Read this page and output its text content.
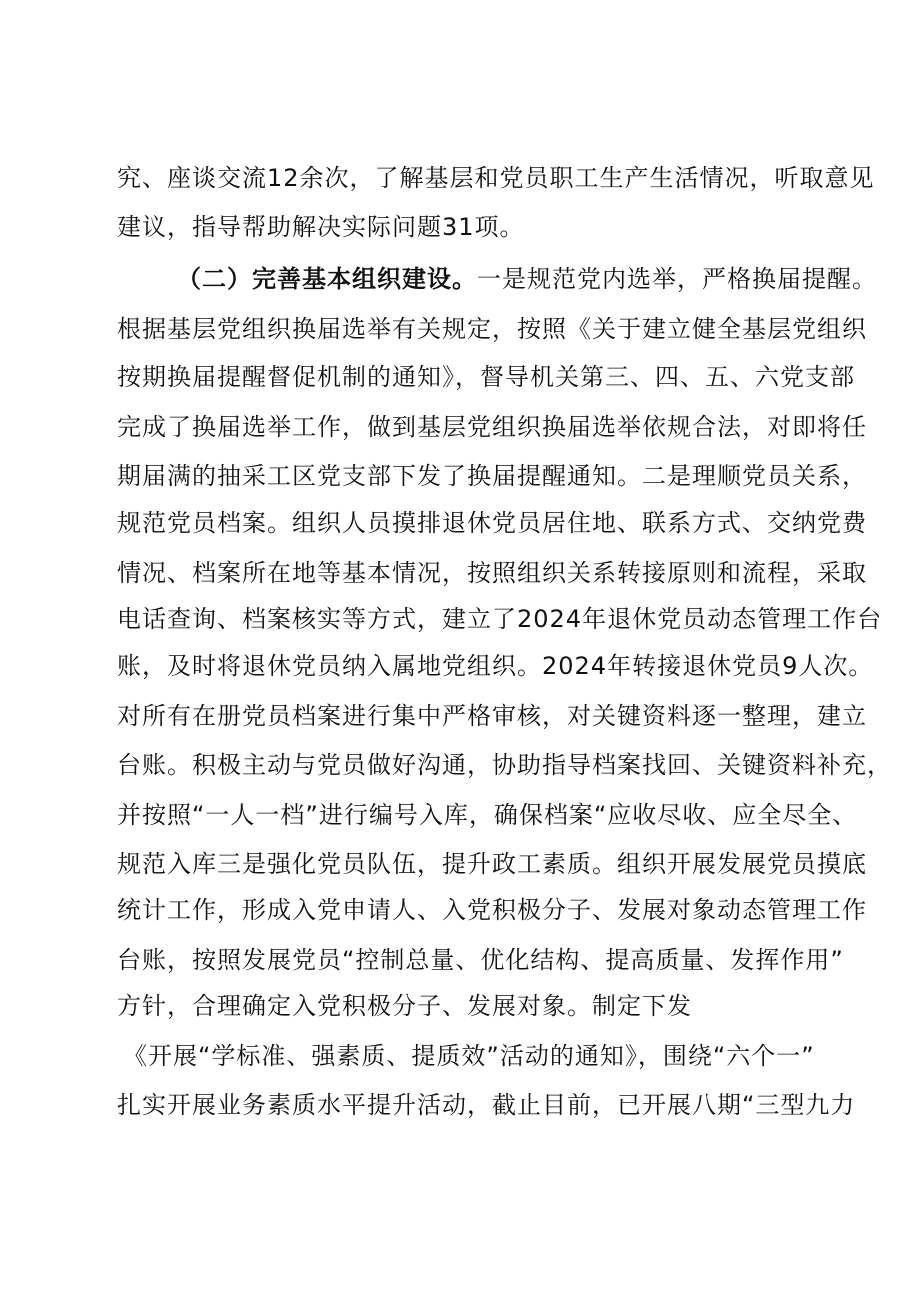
究、座谈交流12余次，了解基层和党员职工生产生活情况，听取意见
建议，指导帮助解决实际问题31项。
（二）完善基本组织建设。一是规范党内选举，严格换届提醒。
根据基层党组织换届选举有关规定，按照《关于建立健全基层党组织
按期换届提醒督促机制的通知》，督导机关第三、四、五、六党支部
完成了换届选举工作，做到基层党组织换届选举依规合法，对即将任
期届满的抽采工区党支部下发了换届提醒通知。二是理顺党员关系，
规范党员档案。组织人员摸排退休党员居住地、联系方式、交纳党费
情况、档案所在地等基本情况，按照组织关系转接原则和流程，采取
电话查询、档案核实等方式，建立了2024年退休党员动态管理工作台
账，及时将退休党员纳入属地党组织。2024年转接退休党员9人次。
对所有在册党员档案进行集中严格审核，对关键资料逐一整理，建立
台账。积极主动与党员做好沟通，协助指导档案找回、关键资料补充，
并按照“一人一档”进行编号入库，确保档案“应收尽收、应全尽全、
规范入库三是强化党员队伍，提升政工素质。组织开展发展党员摸底
统计工作，形成入党申请人、入党积极分子、发展对象动态管理工作
台账，按照发展党员“控制总量、优化结构、提高质量、发挥作用”
方针，合理确定入党积极分子、发展对象。制定下发
《开展“学标准、强素质、提质效”活动的通知》，围绕“六个一”
扎实开展业务素质水平提升活动，截止目前，已开展八期“三型九力
